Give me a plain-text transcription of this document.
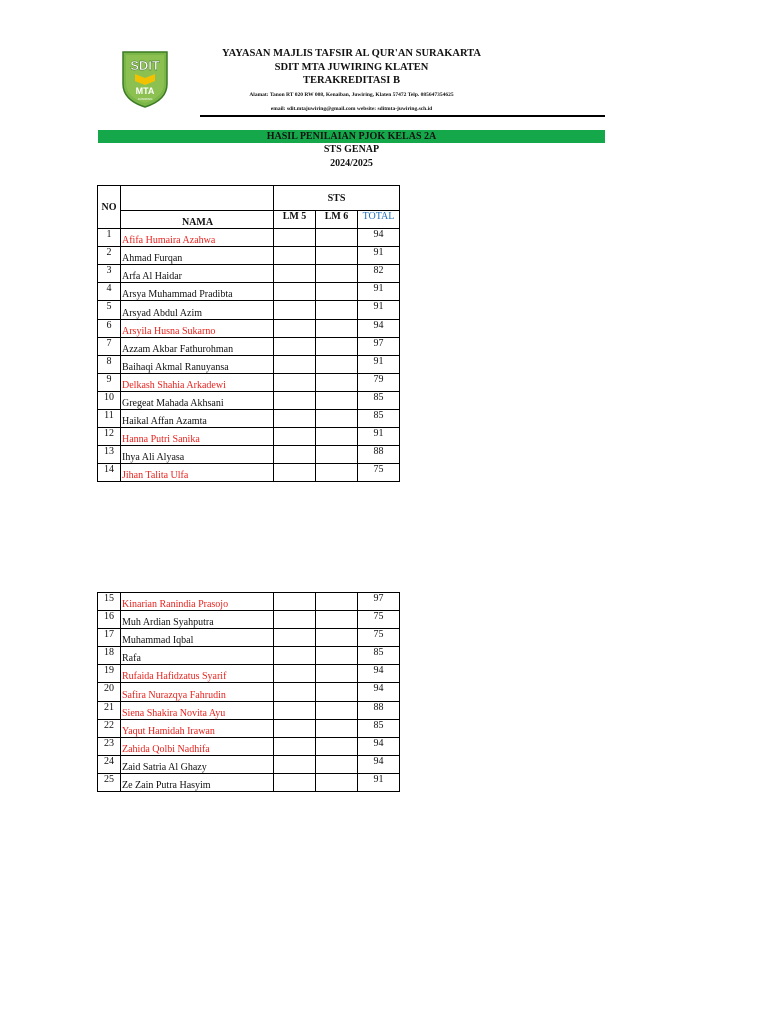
SDIT
MTA
JUWIRING
YAYASAN MAJLIS TAFSIR AL QUR'AN SURAKARTA
SDIT MTA JUWIRING KLATEN
TERAKREDITASI B
Alamat: Tanon RT 020 RW 008, Kenaiban, Juwiring, Klaten 57472 Telp. 085647354625
email: sdit.mtajuwiring@gmail.com website: sditmta-juwiring.sch.id
HASIL PENILAIAN PJOK KELAS 2A
STS GENAP
2024/2025
NO		STS		
	NAMA	LM 5	LM 6	TOTAL
1	Afifa Humaira Azahwa			94
2	Ahmad Furqan			91
3	Arfa Al Haidar			82
4	Arsya Muhammad Pradibta			91
5	Arsyad Abdul Azim			91
6	Arsyila Husna Sukarno			94
7	Azzam Akbar Fathurohman			97
8	Baihaqi Akmal Ranuyansa			91
9	Delkash Shahia Arkadewi			79
10	Gregeat Mahada Akhsani			85
11	Haikal Affan Azamta			85
12	Hanna Putri Sanika			91
13	Ihya Ali Alyasa			88
14	Jihan Talita Ulfa			75
15	Kinarian Ranindia Prasojo			97
16	Muh Ardian Syahputra			75
17	Muhammad Iqbal			75
18	Rafa			85
19	Rufaida Hafidzatus Syarif			94
20	Safira Nurazqya Fahrudin			94
21	Siena Shakira Novita Ayu			88
22	Yaqut Hamidah Irawan			85
23	Zahida Qolbi Nadhifa			94
24	Zaid Satria Al Ghazy			94
25	Ze Zain Putra Hasyim			91
